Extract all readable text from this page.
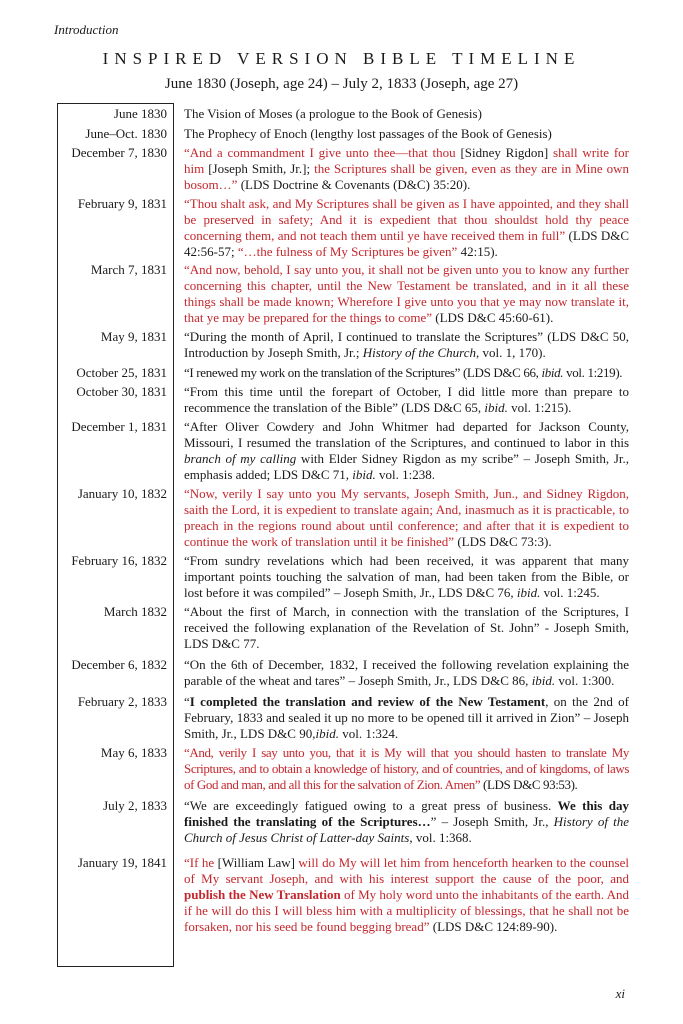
Introduction
INSPIRED VERSION BIBLE TIMELINE
June 1830 (Joseph, age 24) – July 2, 1833 (Joseph, age 27)
June 1830	The Vision of Moses (a prologue to the Book of Genesis)
June–Oct. 1830	The Prophecy of Enoch (lengthy lost passages of the Book of Genesis)
December 7, 1830	“And a commandment I give unto thee—that thou [Sidney Rigdon] shall write for him [Joseph Smith, Jr.]; the Scriptures shall be given, even as they are in Mine own bosom…” (LDS Doctrine & Covenants (D&C) 35:20).
February 9, 1831	“Thou shalt ask, and My Scriptures shall be given as I have appointed, and they shall be preserved in safety; And it is expedient that thou shouldst hold thy peace concerning them, and not teach them until ye have received them in full” (LDS D&C 42:56-57; “…the fulness of My Scriptures be given” 42:15).
March 7, 1831	“And now, behold, I say unto you, it shall not be given unto you to know any further concerning this chapter, until the New Testament be translated, and in it all these things shall be made known; Wherefore I give unto you that ye may now translate it, that ye may be prepared for the things to come” (LDS D&C 45:60-61).
May 9, 1831	“During the month of April, I continued to translate the Scriptures” (LDS D&C 50, Introduction by Joseph Smith, Jr.; History of the Church, vol. 1, 170).
October 25, 1831	“I renewed my work on the translation of the Scriptures” (LDS D&C 66, ibid. vol. 1:219).
October 30, 1831	“From this time until the forepart of October, I did little more than prepare to recommence the translation of the Bible” (LDS D&C 65, ibid. vol. 1:215).
December 1, 1831	“After Oliver Cowdery and John Whitmer had departed for Jackson County, Missouri, I resumed the translation of the Scriptures, and continued to labor in this branch of my calling with Elder Sidney Rigdon as my scribe” – Joseph Smith, Jr., emphasis added; LDS D&C 71, ibid. vol. 1:238.
January 10, 1832	“Now, verily I say unto you My servants, Joseph Smith, Jun., and Sidney Rigdon, saith the Lord, it is expedient to translate again; And, inasmuch as it is practicable, to preach in the regions round about until conference; and after that it is expedient to continue the work of translation until it be finished” (LDS D&C 73:3).
February 16, 1832	“From sundry revelations which had been received, it was apparent that many important points touching the salvation of man, had been taken from the Bible, or lost before it was compiled” – Joseph Smith, Jr., LDS D&C 76, ibid. vol. 1:245.
March 1832	“About the first of March, in connection with the translation of the Scriptures, I received the following explanation of the Revelation of St. John” - Joseph Smith, LDS D&C 77.
December 6, 1832	“On the 6th of December, 1832, I received the following revelation explaining the parable of the wheat and tares” – Joseph Smith, Jr., LDS D&C 86, ibid. vol. 1:300.
February 2, 1833	“I completed the translation and review of the New Testament, on the 2nd of February, 1833 and sealed it up no more to be opened till it arrived in Zion” – Joseph Smith, Jr., LDS D&C 90,ibid. vol. 1:324.
May 6, 1833	“And, verily I say unto you, that it is My will that you should hasten to translate My Scriptures, and to obtain a knowledge of history, and of countries, and of kingdoms, of laws of God and man, and all this for the salvation of Zion. Amen” (LDS D&C 93:53).
July 2, 1833	“We are exceedingly fatigued owing to a great press of business. We this day finished the translating of the Scriptures…” – Joseph Smith, Jr., History of the Church of Jesus Christ of Latter-day Saints, vol. 1:368.
January 19, 1841	“If he [William Law] will do My will let him from henceforth hearken to the counsel of My servant Joseph, and with his interest support the cause of the poor, and publish the New Translation of My holy word unto the inhabitants of the earth. And if he will do this I will bless him with a multiplicity of blessings, that he shall not be forsaken, nor his seed be found begging bread” (LDS D&C 124:89-90).
xi
